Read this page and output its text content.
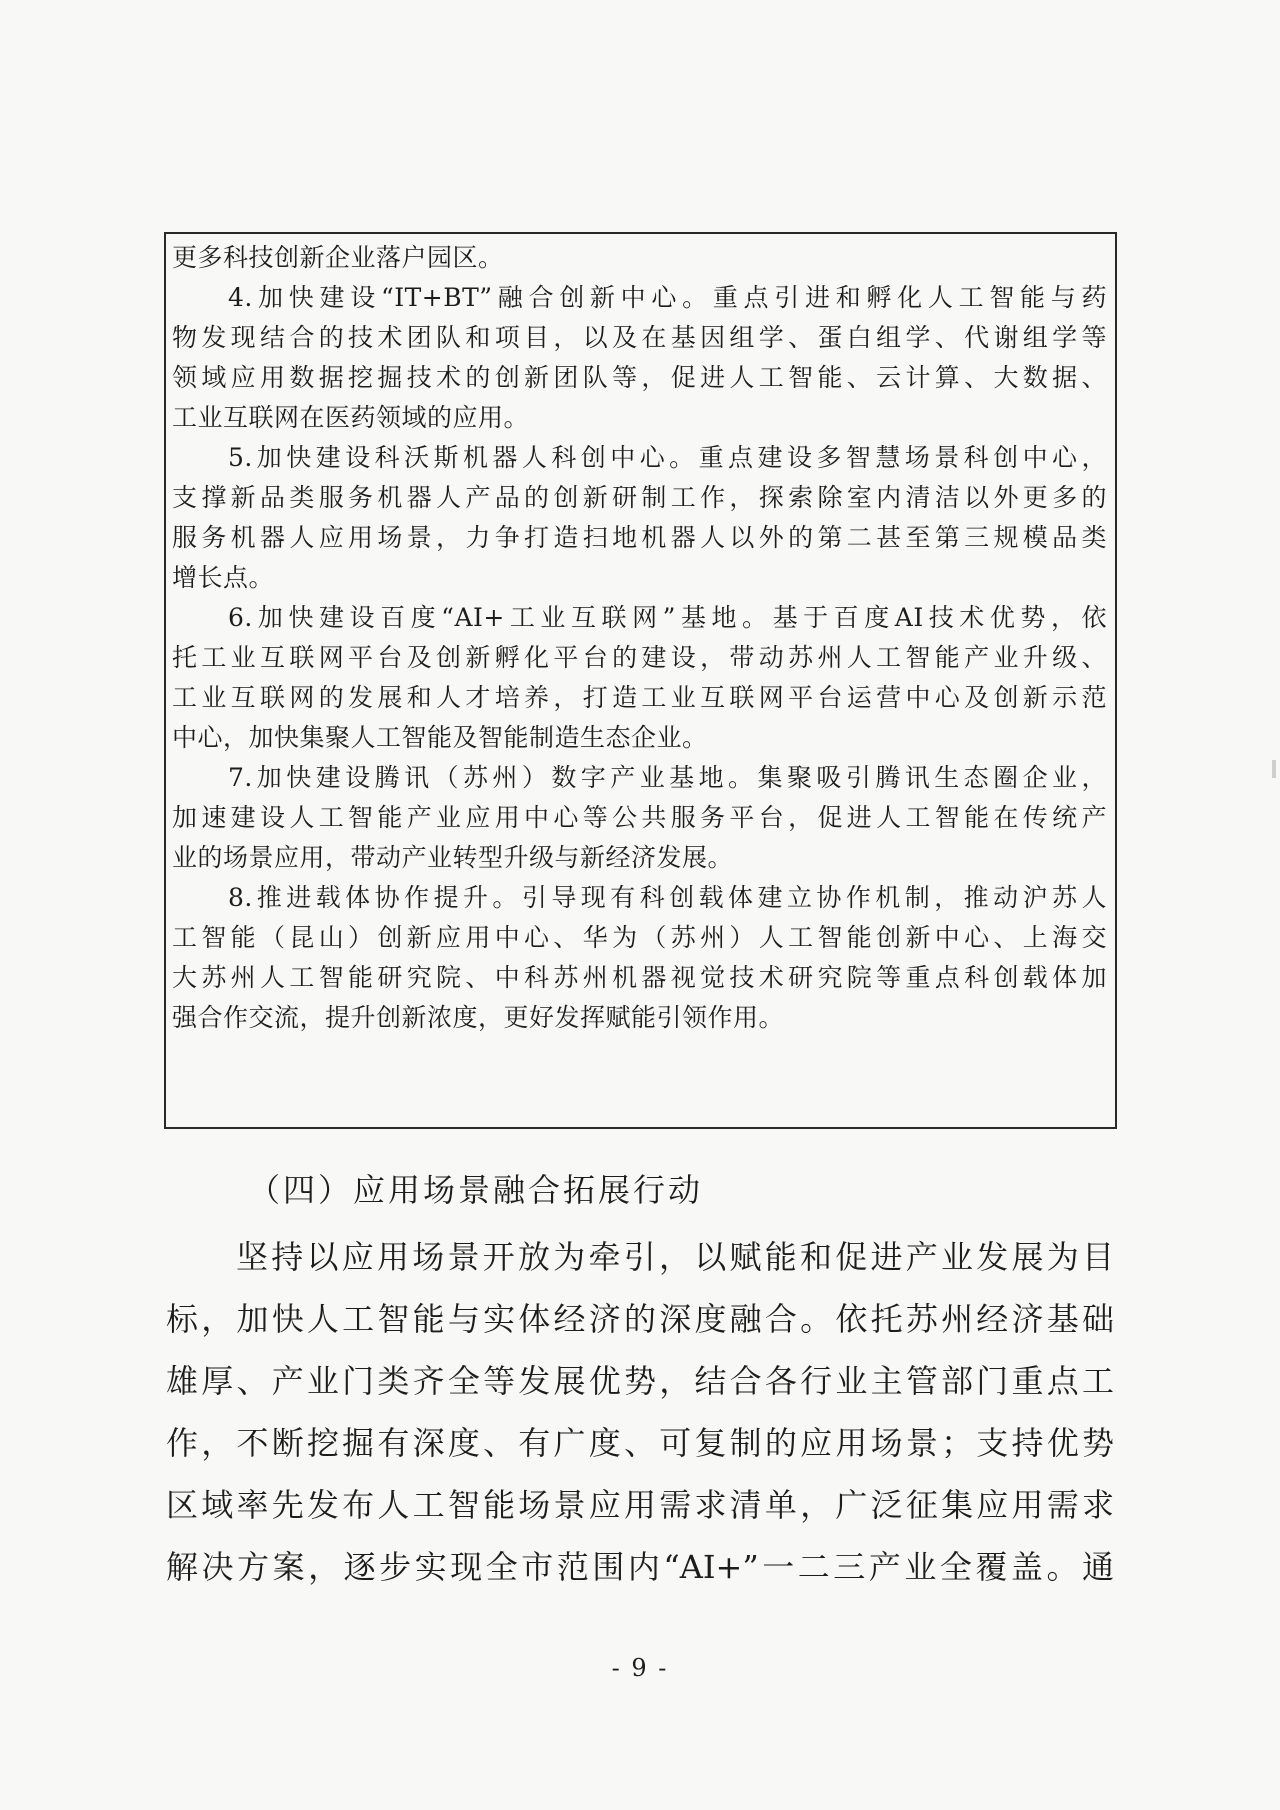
更多科技创新企业落户园区。
4.加快建设“IT+BT”融合创新中心。重点引进和孵化人工智能与药
物发现结合的技术团队和项目，以及在基因组学、蛋白组学、代谢组学等
领域应用数据挖掘技术的创新团队等，促进人工智能、云计算、大数据、
工业互联网在医药领域的应用。
5.加快建设科沃斯机器人科创中心。重点建设多智慧场景科创中心，
支撑新品类服务机器人产品的创新研制工作，探索除室内清洁以外更多的
服务机器人应用场景，力争打造扫地机器人以外的第二甚至第三规模品类
增长点。
6.加快建设百度“AI+工业互联网”基地。基于百度AI技术优势，依
托工业互联网平台及创新孵化平台的建设，带动苏州人工智能产业升级、
工业互联网的发展和人才培养，打造工业互联网平台运营中心及创新示范
中心，加快集聚人工智能及智能制造生态企业。
7.加快建设腾讯（苏州）数字产业基地。集聚吸引腾讯生态圈企业，
加速建设人工智能产业应用中心等公共服务平台，促进人工智能在传统产
业的场景应用，带动产业转型升级与新经济发展。
8.推进载体协作提升。引导现有科创载体建立协作机制，推动沪苏人
工智能（昆山）创新应用中心、华为（苏州）人工智能创新中心、上海交
大苏州人工智能研究院、中科苏州机器视觉技术研究院等重点科创载体加
强合作交流，提升创新浓度，更好发挥赋能引领作用。
（四）应用场景融合拓展行动
坚持以应用场景开放为牵引，以赋能和促进产业发展为目
标，加快人工智能与实体经济的深度融合。依托苏州经济基础
雄厚、产业门类齐全等发展优势，结合各行业主管部门重点工
作，不断挖掘有深度、有广度、可复制的应用场景；支持优势
区域率先发布人工智能场景应用需求清单，广泛征集应用需求
解决方案，逐步实现全市范围内“AI+”一二三产业全覆盖。通
- 9 -
